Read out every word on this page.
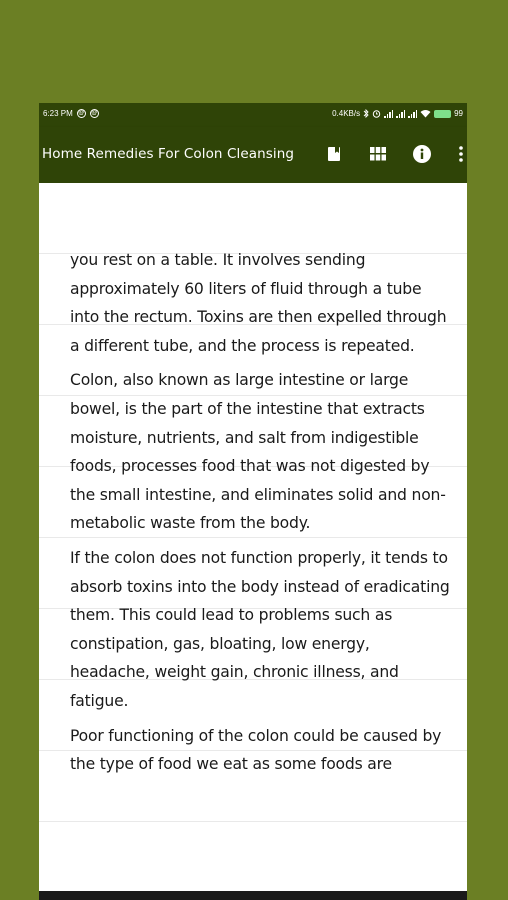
6:23 PM @ @	0.4KB/s	99
Home Remedies For Colon Cleansing

you rest on a table. It involves sending approximately 60 liters of fluid through a tube into the rectum. Toxins are then expelled through a different tube, and the process is repeated.

Colon, also known as large intestine or large bowel, is the part of the intestine that extracts moisture, nutrients, and salt from indigestible foods, processes food that was not digested by the small intestine, and eliminates solid and non-metabolic waste from the body.

If the colon does not function properly, it tends to absorb toxins into the body instead of eradicating them. This could lead to problems such as constipation, gas, bloating, low energy, headache, weight gain, chronic illness, and fatigue.

Poor functioning of the colon could be caused by the type of food we eat as some foods are
